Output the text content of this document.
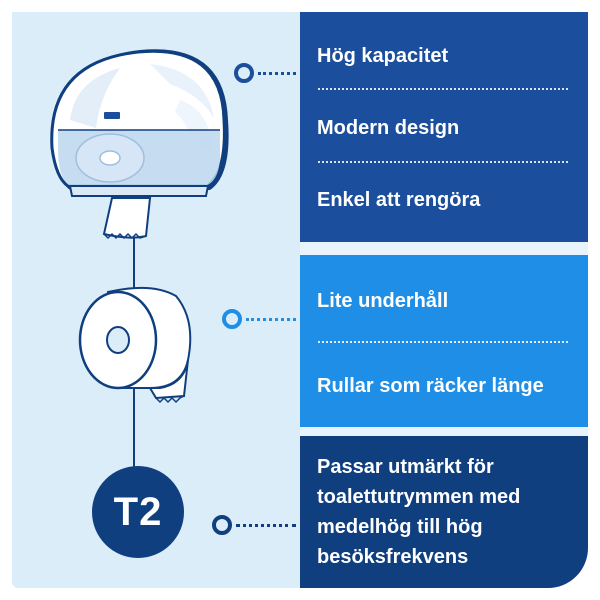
T2
Hög kapacitet
Modern design
Enkel att rengöra
Lite underhåll
Rullar som räcker länge
Passar utmärkt för toalettutrymmen med medelhög till hög besöksfrekvens
